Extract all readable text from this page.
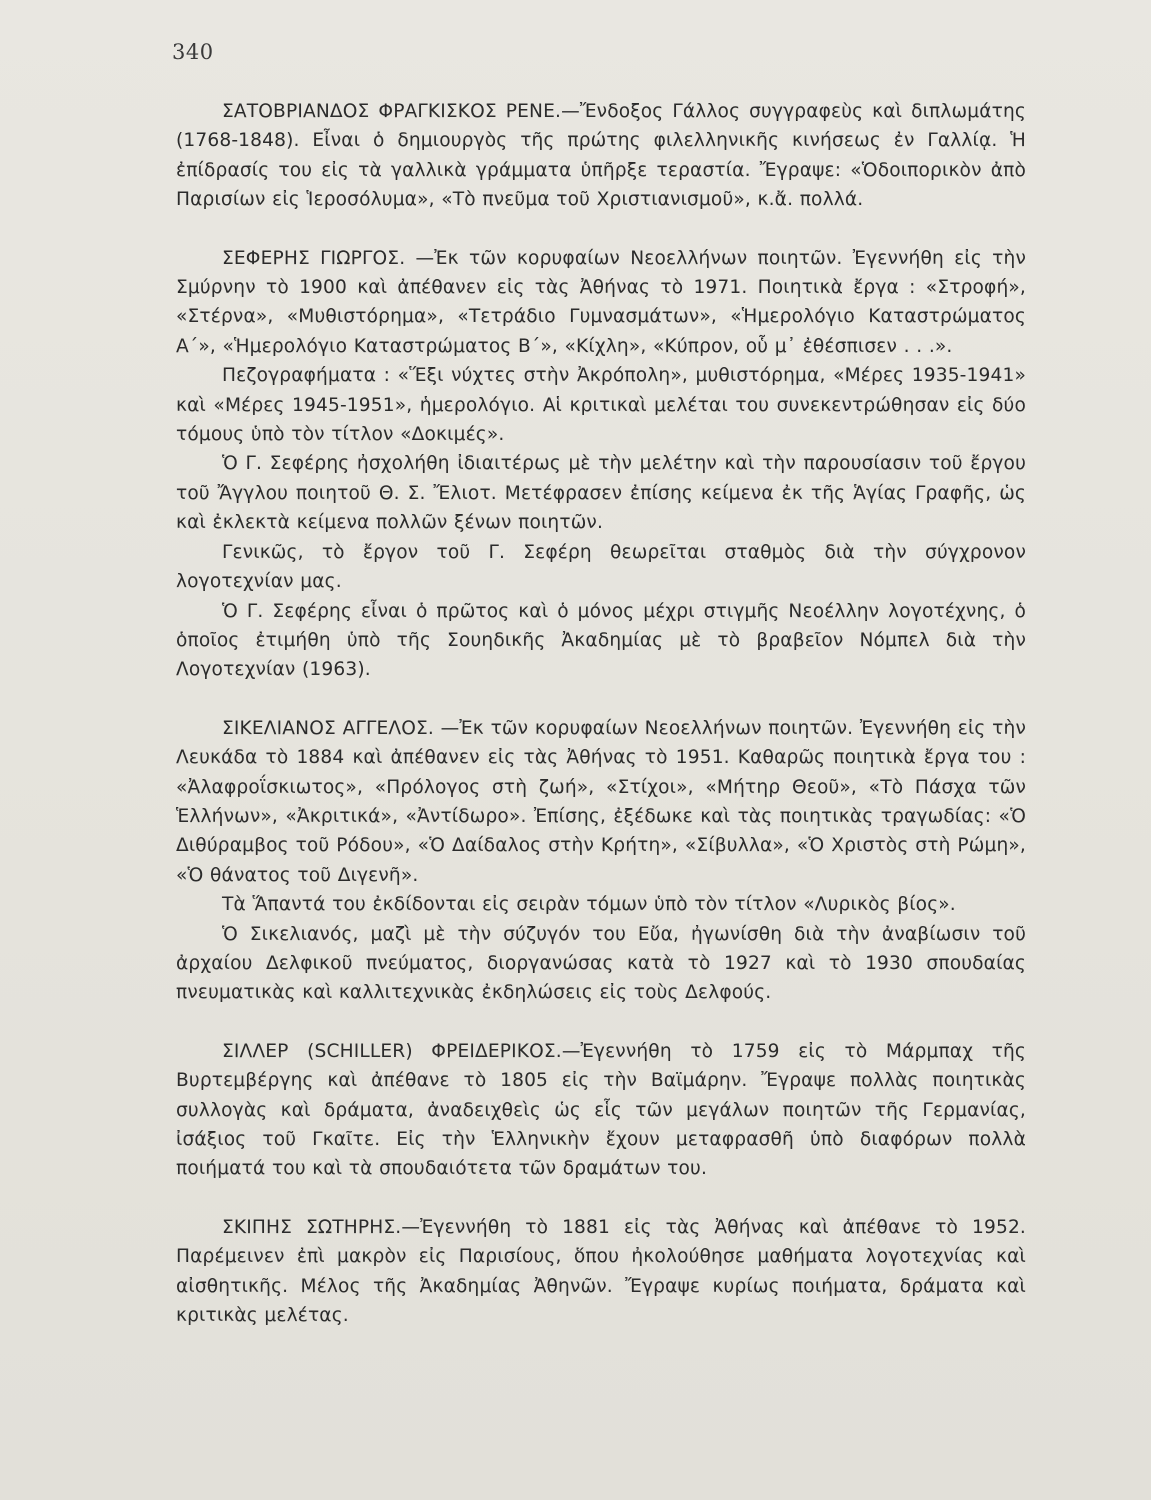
340

ΣΑΤΟΒΡΙΑΝΔΟΣ ΦΡΑΓΚΙΣΚΟΣ ΡΕΝΕ.—Ἔνδοξος Γάλλος συγγραφεὺς καὶ διπλωμάτης (1768-1848). Εἶναι ὁ δημιουργὸς τῆς πρώτης φιλελληνικῆς κινήσεως ἐν Γαλλίᾳ. Ἡ ἐπίδρασίς του εἰς τὰ γαλλικὰ γράμματα ὑπῆρξε τεραστία. Ἔγραψε: «Ὁδοιπορικὸν ἀπὸ Παρισίων εἰς Ἱεροσόλυμα», «Τὸ πνεῦμα τοῦ Χριστιανισμοῦ», κ.ἄ. πολλά.

ΣΕΦΕΡΗΣ ΓΙΩΡΓΟΣ. —Ἐκ τῶν κορυφαίων Νεοελλήνων ποιητῶν. Ἐγεννήθη εἰς τὴν Σμύρνην τὸ 1900 καὶ ἀπέθανεν εἰς τὰς Ἀθήνας τὸ 1971. Ποιητικὰ ἔργα : «Στροφή», «Στέρνα», «Μυθιστόρημα», «Τετράδιο Γυμνασμάτων», «Ἡμερολόγιο Καταστρώματος Α΄», «Ἡμερολόγιο Καταστρώματος Β΄», «Κίχλη», «Κύπρον, οὗ μ᾽ ἐθέσπισεν . . .».

Πεζογραφήματα : «Ἕξι νύχτες στὴν Ἀκρόπολη», μυθιστόρημα, «Μέρες 1935-1941» καὶ «Μέρες 1945-1951», ἡμερολόγιο. Αἱ κριτικαὶ μελέται του συνεκεντρώθησαν εἰς δύο τόμους ὑπὸ τὸν τίτλον «Δοκιμές».

Ὁ Γ. Σεφέρης ἠσχολήθη ἰδιαιτέρως μὲ τὴν μελέτην καὶ τὴν παρουσίασιν τοῦ ἔργου τοῦ Ἄγγλου ποιητοῦ Θ. Σ. Ἔλιοτ. Μετέφρασεν ἐπίσης κείμενα ἐκ τῆς Ἁγίας Γραφῆς, ὡς καὶ ἐκλεκτὰ κείμενα πολλῶν ξένων ποιητῶν.

Γενικῶς, τὸ ἔργον τοῦ Γ. Σεφέρη θεωρεῖται σταθμὸς διὰ τὴν σύγχρονον λογοτεχνίαν μας.

Ὁ Γ. Σεφέρης εἶναι ὁ πρῶτος καὶ ὁ μόνος μέχρι στιγμῆς Νεοέλλην λογοτέχνης, ὁ ὁποῖος ἐτιμήθη ὑπὸ τῆς Σουηδικῆς Ἀκαδημίας μὲ τὸ βραβεῖον Νόμπελ διὰ τὴν Λογοτεχνίαν (1963).

ΣΙΚΕΛΙΑΝΟΣ ΑΓΓΕΛΟΣ. —Ἐκ τῶν κορυφαίων Νεοελλήνων ποιητῶν. Ἐγεννήθη εἰς τὴν Λευκάδα τὸ 1884 καὶ ἀπέθανεν εἰς τὰς Ἀθήνας τὸ 1951. Καθαρῶς ποιητικὰ ἔργα του : «Ἀλαφροΐσκιωτος», «Πρόλογος στὴ ζωή», «Στίχοι», «Μήτηρ Θεοῦ», «Τὸ Πάσχα τῶν Ἑλλήνων», «Ἀκριτικά», «Ἀντίδωρο». Ἐπίσης, ἐξέδωκε καὶ τὰς ποιητικὰς τραγωδίας: «Ὁ Διθύραμβος τοῦ Ρόδου», «Ὁ Δαίδαλος στὴν Κρήτη», «Σίβυλλα», «Ὁ Χριστὸς στὴ Ρώμη», «Ὁ θάνατος τοῦ Διγενῆ».

Τὰ Ἅπαντά του ἐκδίδονται εἰς σειρὰν τόμων ὑπὸ τὸν τίτλον «Λυρικὸς βίος».

Ὁ Σικελιανός, μαζὶ μὲ τὴν σύζυγόν του Εὔα, ἠγωνίσθη διὰ τὴν ἀναβίωσιν τοῦ ἀρχαίου Δελφικοῦ πνεύματος, διοργανώσας κατὰ τὸ 1927 καὶ τὸ 1930 σπουδαίας πνευματικὰς καὶ καλλιτεχνικὰς ἐκδηλώσεις εἰς τοὺς Δελφούς.

ΣΙΛΛΕΡ (SCHILLER) ΦΡΕΙΔΕΡΙΚΟΣ.—Ἐγεννήθη τὸ 1759 εἰς τὸ Μάρμπαχ τῆς Βυρτεμβέργης καὶ ἀπέθανε τὸ 1805 εἰς τὴν Βαϊμάρην. Ἔγραψε πολλὰς ποιητικὰς συλλογὰς καὶ δράματα, ἀναδειχθεὶς ὡς εἷς τῶν μεγάλων ποιητῶν τῆς Γερμανίας, ἰσάξιος τοῦ Γκαῖτε. Εἰς τὴν Ἑλληνικὴν ἔχουν μεταφρασθῆ ὑπὸ διαφόρων πολλὰ ποιήματά του καὶ τὰ σπουδαιότετα τῶν δραμάτων του.

ΣΚΙΠΗΣ ΣΩΤΗΡΗΣ.—Ἐγεννήθη τὸ 1881 εἰς τὰς Ἀθήνας καὶ ἀπέθανε τὸ 1952. Παρέμεινεν ἐπὶ μακρὸν εἰς Παρισίους, ὅπου ἠκολούθησε μαθήματα λογοτεχνίας καὶ αἰσθητικῆς. Μέλος τῆς Ἀκαδημίας Ἀθηνῶν. Ἔγραψε κυρίως ποιήματα, δράματα καὶ κριτικὰς μελέτας.
